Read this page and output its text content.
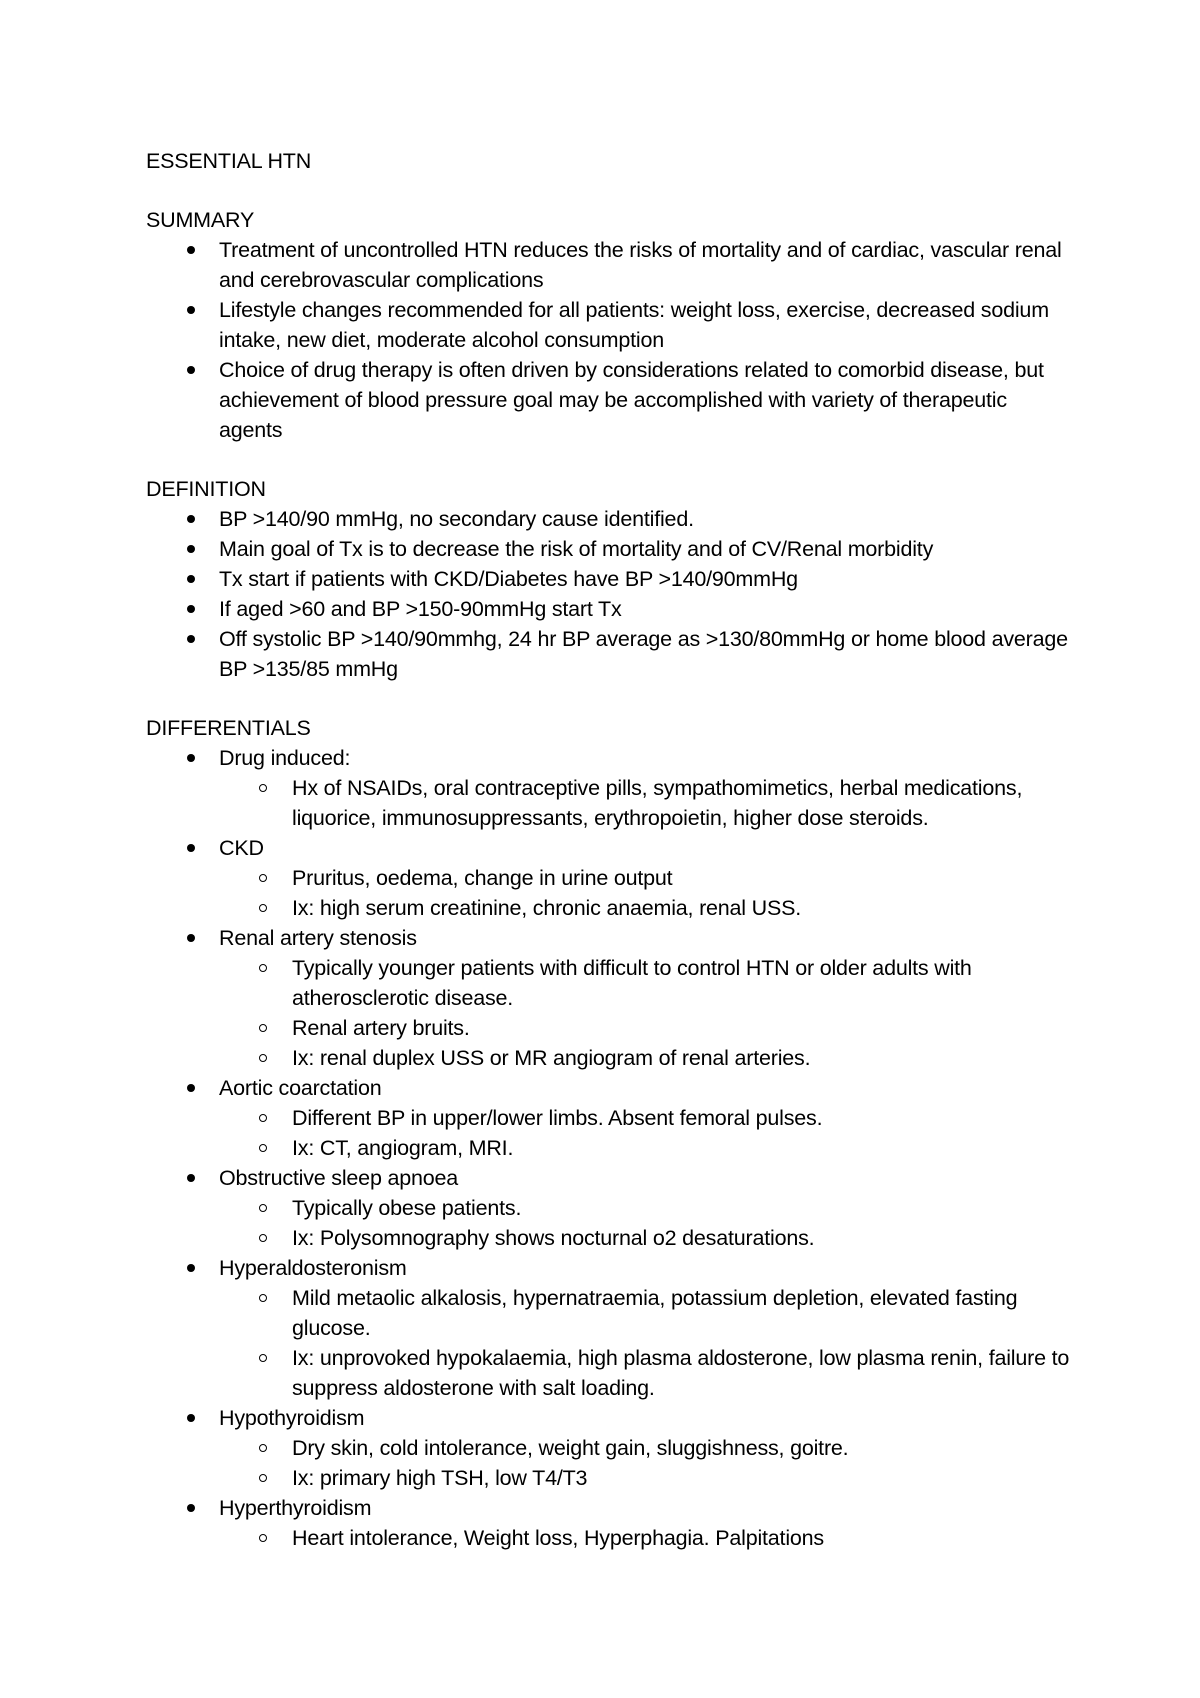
ESSENTIAL HTN

SUMMARY

Treatment of uncontrolled HTN reduces the risks of mortality and of cardiac, vascular renal and cerebrovascular complications
Lifestyle changes recommended for all patients: weight loss, exercise, decreased sodium intake, new diet, moderate alcohol consumption
Choice of drug therapy is often driven by considerations related to comorbid disease, but achievement of blood pressure goal may be accomplished with variety of therapeutic agents

DEFINITION

BP >140/90 mmHg, no secondary cause identified.
Main goal of Tx is to decrease the risk of mortality and of CV/Renal morbidity
Tx start if patients with CKD/Diabetes have BP >140/90mmHg
If aged >60 and BP >150-90mmHg start Tx
Off systolic BP >140/90mmhg, 24 hr BP average as >130/80mmHg or home blood average BP >135/85 mmHg

DIFFERENTIALS

Drug induced:
Hx of NSAIDs, oral contraceptive pills, sympathomimetics, herbal medications, liquorice, immunosuppressants, erythropoietin, higher dose steroids.
CKD
Pruritus, oedema, change in urine output
Ix: high serum creatinine, chronic anaemia, renal USS.
Renal artery stenosis
Typically younger patients with difficult to control HTN or older adults with atherosclerotic disease.
Renal artery bruits.
Ix: renal duplex USS or MR angiogram of renal arteries.
Aortic coarctation
Different BP in upper/lower limbs. Absent femoral pulses.
Ix: CT, angiogram, MRI.
Obstructive sleep apnoea
Typically obese patients.
Ix: Polysomnography shows nocturnal o2 desaturations.
Hyperaldosteronism
Mild metaolic alkalosis, hypernatraemia, potassium depletion, elevated fasting glucose.
Ix: unprovoked hypokalaemia, high plasma aldosterone, low plasma renin, failure to suppress aldosterone with salt loading.
Hypothyroidism
Dry skin, cold intolerance, weight gain, sluggishness, goitre.
Ix: primary high TSH, low T4/T3
Hyperthyroidism
Heart intolerance, Weight loss, Hyperphagia. Palpitations
